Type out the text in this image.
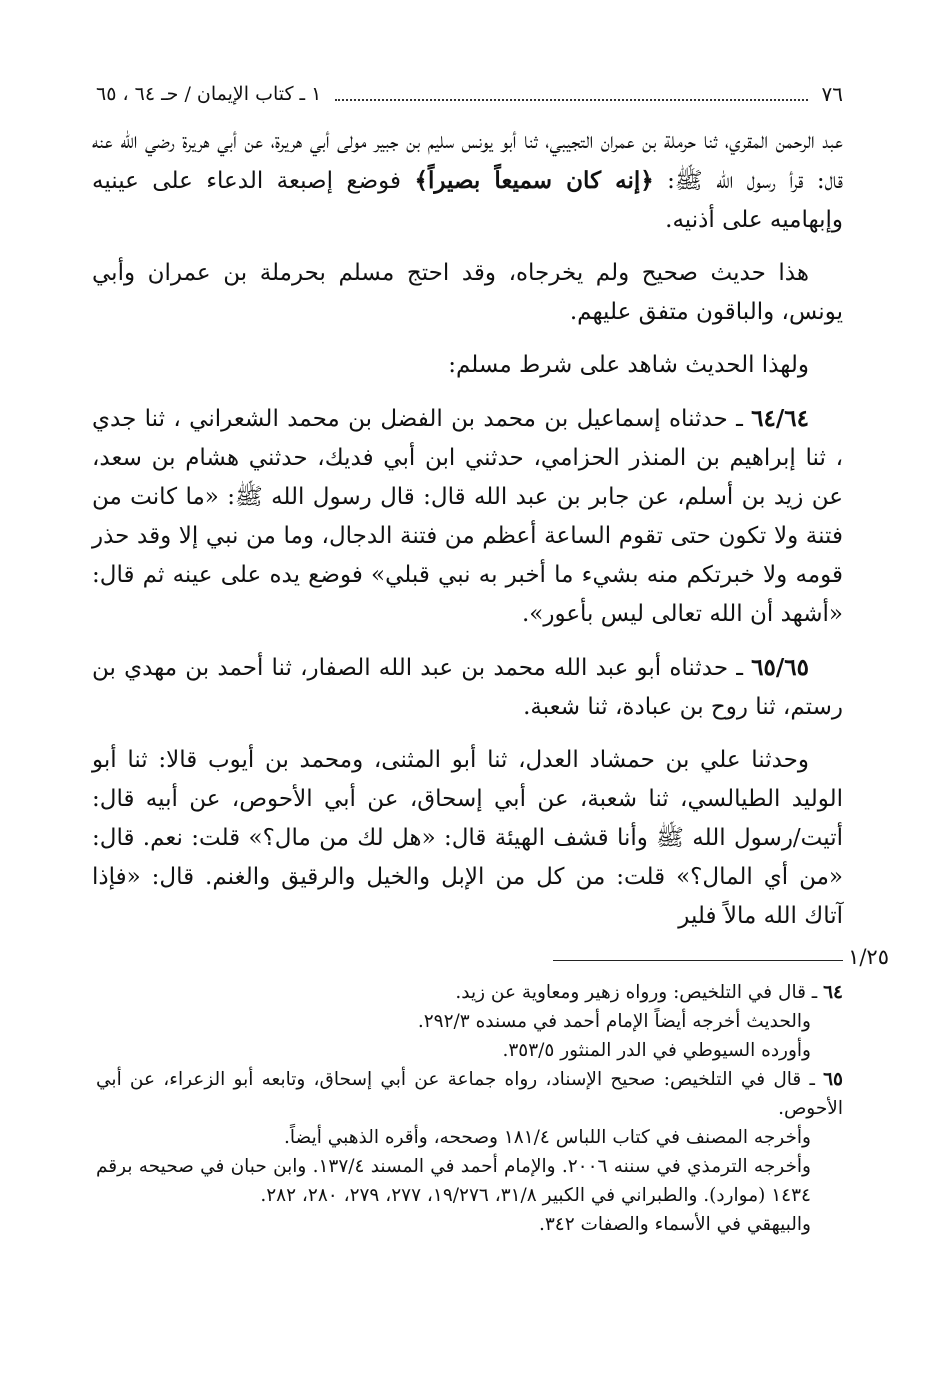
٧٦
١ ـ كتاب الإيمان / حـ ٦٤ ، ٦٥

عبد الرحمن المقري، ثنا حرملة بن عمران التجيبي، ثنا أبو يونس سليم بن جبير مولى أبي هريرة، عن أبي هريرة رضي الله عنه قال: قرأ رسول الله ﷺ: ﴿إنه كان سميعاً بصيراً﴾ فوضع إصبعة الدعاء على عينيه وإبهاميه على أذنيه.

هذا حديث صحيح ولم يخرجاه، وقد احتج مسلم بحرملة بن عمران وأبي يونس، والباقون متفق عليهم.

ولهذا الحديث شاهد على شرط مسلم:

٦٤/٦٤ ـ حدثناه إسماعيل بن محمد بن الفضل بن محمد الشعراني ، ثنا جدي ، ثنا إبراهيم بن المنذر الحزامي، حدثني ابن أبي فديك، حدثني هشام بن سعد، عن زيد بن أسلم، عن جابر بن عبد الله قال: قال رسول الله ﷺ: «ما كانت من فتنة ولا تكون حتى تقوم الساعة أعظم من فتنة الدجال، وما من نبي إلا وقد حذر قومه ولا خبرتكم منه بشيء ما أخبر به نبي قبلي» فوضع يده على عينه ثم قال: «أشهد أن الله تعالى ليس بأعور».

٦٥/٦٥ ـ حدثناه أبو عبد الله محمد بن عبد الله الصفار، ثنا أحمد بن مهدي بن رستم، ثنا روح بن عبادة، ثنا شعبة.

وحدثنا علي بن حمشاد العدل، ثنا أبو المثنى، ومحمد بن أيوب قالا: ثنا أبو الوليد الطيالسي، ثنا شعبة، عن أبي إسحاق، عن أبي الأحوص، عن أبيه قال: أتيت/رسول الله ﷺ وأنا قشف الهيئة قال: «هل لك من مال؟» قلت: نعم. قال: «من أي المال؟» قلت: من كل من الإبل والخيل والرقيق والغنم. قال: «فإذا آتاك الله مالاً فلير
١/٢٥

٦٤ ـ قال في التلخيص: ورواه زهير ومعاوية عن زيد.

والحديث أخرجه أيضاً الإمام أحمد في مسنده ٢٩٢/٣.

وأورده السيوطي في الدر المنثور ٣٥٣/٥.

٦٥ ـ قال في التلخيص: صحيح الإسناد، رواه جماعة عن أبي إسحاق، وتابعه أبو الزعراء، عن أبي الأحوص.

وأخرجه المصنف في كتاب اللباس ١٨١/٤ وصححه، وأقره الذهبي أيضاً.

وأخرجه الترمذي في سننه ٢٠٠٦. والإمام أحمد في المسند ١٣٧/٤. وابن حبان في صحيحه برقم ١٤٣٤ (موارد). والطبراني في الكبير ٣١/٨، ١٩/٢٧٦، ٢٧٧، ٢٧٩، ٢٨٠، ٢٨٢.

والبيهقي في الأسماء والصفات ٣٤٢.
